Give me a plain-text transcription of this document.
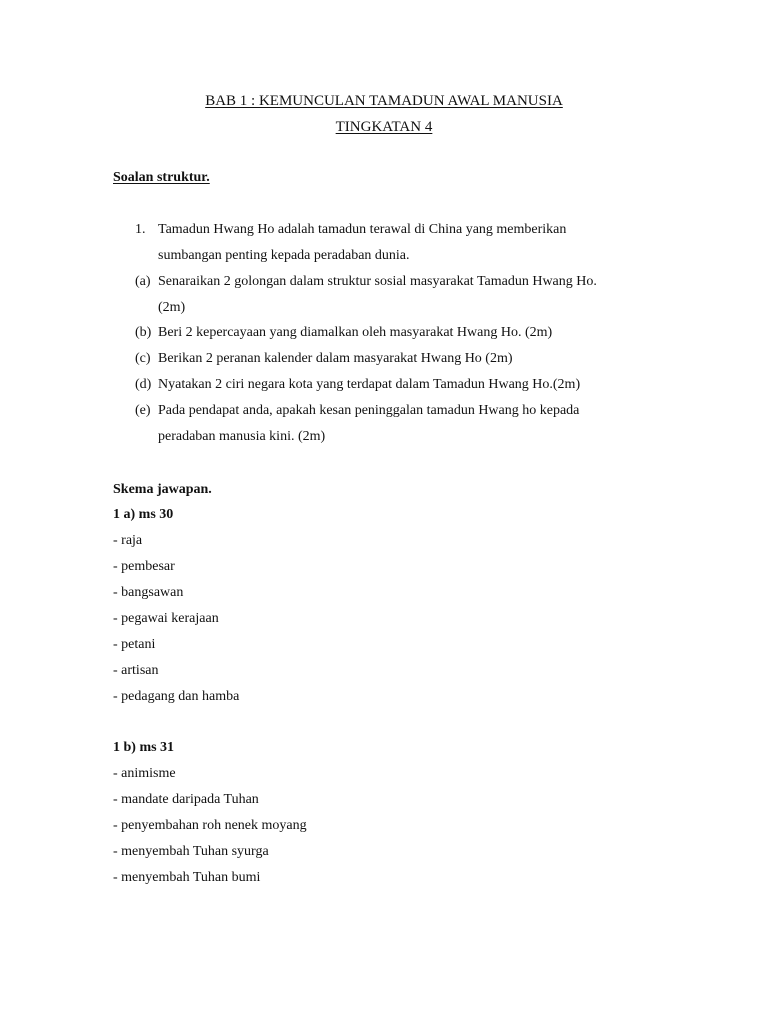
BAB 1 : KEMUNCULAN TAMADUN AWAL MANUSIA
TINGKATAN 4
Soalan struktur.
1. Tamadun Hwang Ho adalah tamadun terawal di China yang memberikan
sumbangan penting kepada peradaban dunia.
(a) Senaraikan 2 golongan dalam struktur sosial masyarakat Tamadun Hwang Ho.
(2m)
(b) Beri 2 kepercayaan yang diamalkan oleh masyarakat Hwang Ho. (2m)
(c) Berikan 2 peranan kalender dalam masyarakat Hwang Ho (2m)
(d) Nyatakan 2 ciri negara kota yang terdapat dalam Tamadun Hwang Ho.(2m)
(e) Pada pendapat anda, apakah kesan peninggalan tamadun Hwang ho kepada
peradaban manusia kini. (2m)
Skema jawapan.
1 a) ms 30
- raja
- pembesar
- bangsawan
- pegawai kerajaan
- petani
- artisan
- pedagang dan hamba
1 b) ms 31
- animisme
- mandate daripada Tuhan
- penyembahan roh nenek moyang
- menyembah Tuhan syurga
- menyembah Tuhan bumi
